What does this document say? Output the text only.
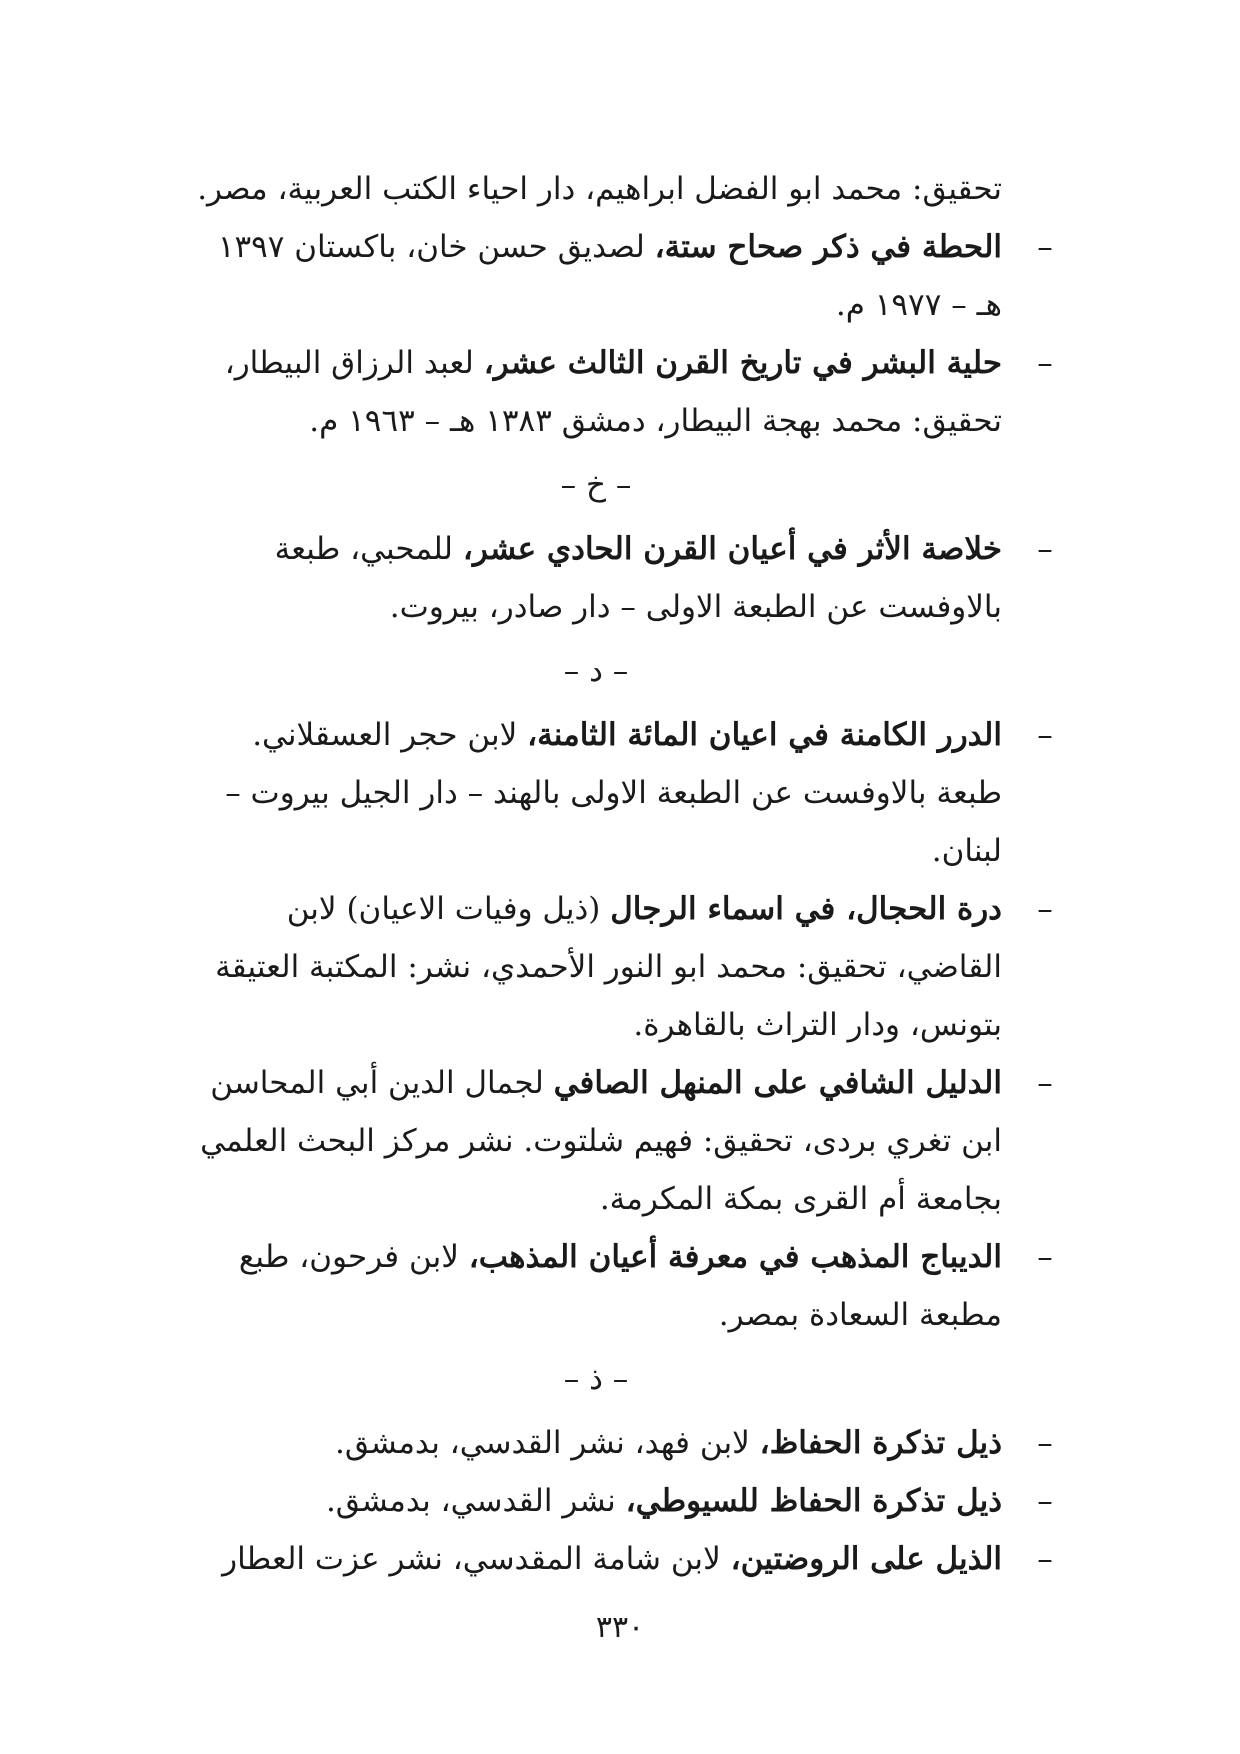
تحقيق: محمد ابو الفضل ابراهيم، دار احياء الكتب العربية، مصر.

–
الحطة في ذكر صحاح ستة، لصديق حسن خان، باكستان ١٣٩٧ هـ – ١٩٧٧ م.

–
حلية البشر في تاريخ القرن الثالث عشر، لعبد الرزاق البيطار، تحقيق: محمد بهجة البيطار، دمشق ١٣٨٣ هـ – ١٩٦٣ م.

– خ –

–
خلاصة الأثر في أعيان القرن الحادي عشر، للمحبي، طبعة بالاوفست عن الطبعة الاولى – دار صادر، بيروت.

– د –

–
الدرر الكامنة في اعيان المائة الثامنة، لابن حجر العسقلاني. طبعة بالاوفست عن الطبعة الاولى بالهند – دار الجيل بيروت – لبنان.

–
درة الحجال، في اسماء الرجال (ذيل وفيات الاعيان) لابن القاضي، تحقيق: محمد ابو النور الأحمدي، نشر: المكتبة العتيقة بتونس، ودار التراث بالقاهرة.

–
الدليل الشافي على المنهل الصافي لجمال الدين أبي المحاسن ابن تغري بردى، تحقيق: فهيم شلتوت. نشر مركز البحث العلمي بجامعة أم القرى بمكة المكرمة.

–
الديباج المذهب في معرفة أعيان المذهب، لابن فرحون، طبع مطبعة السعادة بمصر.

– ذ –

–
ذيل تذكرة الحفاظ، لابن فهد، نشر القدسي، بدمشق.

–
ذيل تذكرة الحفاظ للسيوطي، نشر القدسي، بدمشق.

–
الذيل على الروضتين، لابن شامة المقدسي، نشر عزت العطار

٣٣٠
